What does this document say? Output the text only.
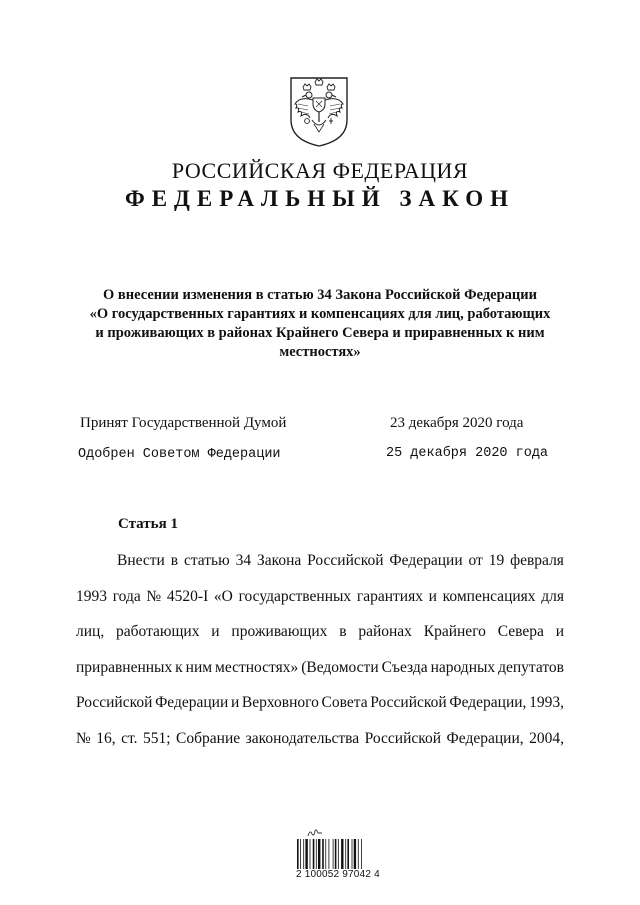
РОССИЙСКАЯ ФЕДЕРАЦИЯ
ФЕДЕРАЛЬНЫЙ ЗАКОН
О внесении изменения в статью 34 Закона Российской Федерации
«О государственных гарантиях и компенсациях для лиц, работающих
и проживающих в районах Крайнего Севера и приравненных к ним
местностях»
Принят Государственной Думой	23 декабря 2020 года
Одобрен Советом Федерации	25 декабря 2020 года
Статья 1
Внести в статью 34 Закона Российской Федерации от 19 февраля
1993 года № 4520-I «О государственных гарантиях и компенсациях для
лиц, работающих и проживающих в районах Крайнего Севера и
приравненных к ним местностях» (Ведомости Съезда народных депутатов
Российской Федерации и Верховного Совета Российской Федерации, 1993,
№ 16, ст. 551; Собрание законодательства Российской Федерации, 2004,
2 100052 97042 4
